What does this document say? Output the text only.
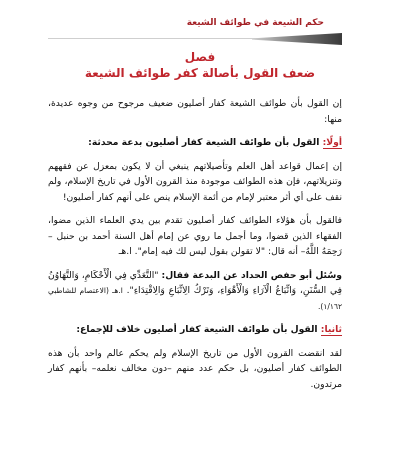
حكم الشيعة في طوائف الشيعة
فصل
ضعف القول بأصالة كفر طوائف الشيعة

إن القول بأن طوائف الشيعة كفار أصليون ضعيف مرجوح من وجوه عديدة، منها:

أولًا: القول بأن طوائف الشيعة كفار أصليون بدعة محدثة:

إن إعمال قواعد أهل العلم وتأصيلاتهم ينبغي أن لا يكون بمعزل عن فقههم وتنزيلاتهم، فإن هذه الطوائف موجودة منذ القرون الأول في تاريخ الإسلام، ولم نقف على أي أثر معتبر لإمام من أئمة الإسلام ينص على أنهم كفار أصليون!

فالقول بأن هؤلاء الطوائف كفار أصليون تقدم بين يدي العلماء الذين مضوا، الفقهاء الذين قضوا، وما أجمل ما روي عن إمام أهل السنة أحمد بن حنبل –رَحِمَهُ اللَّهُ– أنه قال: "لا تقولن بقول ليس لك فيه إمام". ا.هـ

وسُئل أبو حفص الحداد عن البدعة فقال: "التَّعَدِّي فِي الْأَحْكَامِ، وَالتَّهَاوُنُ فِي السُّنَنِ، وَاتِّبَاعُ الْآرَاءِ وَالْأَهْوَاءِ، وَتَرْكُ الِاتِّبَاعِ وَالِاقْتِدَاءِ". ا.هـ (الاعتصام للشاطبي ١/١٦٢).

ثانيا: القول بأن طوائف الشيعة كفار أصليون خلاف للإجماع:

لقد انقضت القرون الأول من تاريخ الإسلام ولم يحكم عالم واحد بأن هذه الطوائف كفار أصليون، بل حكم عدد منهم –دون مخالف نعلمه– بأنهم كفار مرتدون.
